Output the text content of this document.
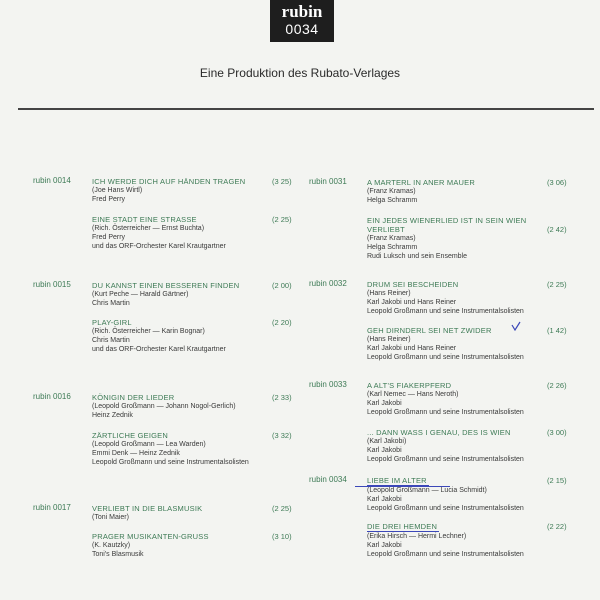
rubin
0034
Eine Produktion des Rubato-Verlages
rubin 0014	ICH WERDE DICH AUF HÄNDEN TRAGEN	(3 25)
(Joe Hans Wirtl)
Fred Perry
EINE STADT EINE STRASSE	(2 25)
(Rich. Österreicher — Ernst Buchta)
Fred Perry
und das ORF-Orchester Karel Krautgartner
rubin 0015	DU KANNST EINEN BESSEREN FINDEN	(2 00)
(Kurt Peche — Harald Gärtner)
Chris Martin
PLAY-GIRL	(2 20)
(Rich. Österreicher — Karin Bognar)
Chris Martin
und das ORF-Orchester Karel Krautgartner
rubin 0016	KÖNIGIN DER LIEDER	(2 33)
(Leopold Großmann — Johann Nogol-Gerlich)
Heinz Zednik
ZÄRTLICHE GEIGEN	(3 32)
(Leopold Großmann — Lea Warden)
Emmi Denk — Heinz Zednik
Leopold Großmann und seine Instrumentalsolisten
rubin 0017	VERLIEBT IN DIE BLASMUSIK	(2 25)
(Toni Maier)
PRAGER MUSIKANTEN-GRUSS	(3 10)
(K. Kautzky)
Toni's Blasmusik
rubin 0031	A MARTERL IN ANER MAUER	(3 06)
(Franz Kramas)
Helga Schramm
EIN JEDES WIENERLIED IST IN SEIN WIEN
VERLIEBT	(2 42)
(Franz Kramas)
Helga Schramm
Rudi Luksch und sein Ensemble
rubin 0032	DRUM SEI BESCHEIDEN	(2 25)
(Hans Reiner)
Karl Jakobi und Hans Reiner
Leopold Großmann und seine Instrumentalsolisten
GEH DIRNDERL SEI NET ZWIDER	(1 42)
(Hans Reiner)
Karl Jakobi und Hans Reiner
Leopold Großmann und seine Instrumentalsolisten
rubin 0033	A ALT'S FIAKERPFERD	(2 26)
(Karl Nemec — Hans Neroth)
Karl Jakobi
Leopold Großmann und seine Instrumentalsolisten
... DANN WASS I GENAU, DES IS WIEN	(3 00)
(Karl Jakobi)
Karl Jakobi
Leopold Großmann und seine Instrumentalsolisten
rubin 0034	LIEBE IM ALTER	(2 15)
(Leopold Großmann — Lucia Schmidt)
Karl Jakobi
Leopold Großmann und seine Instrumentalsolisten
DIE DREI HEMDEN	(2 22)
(Erika Hirsch — Hermi Lechner)
Karl Jakobi
Leopold Großmann und seine Instrumentalsolisten
